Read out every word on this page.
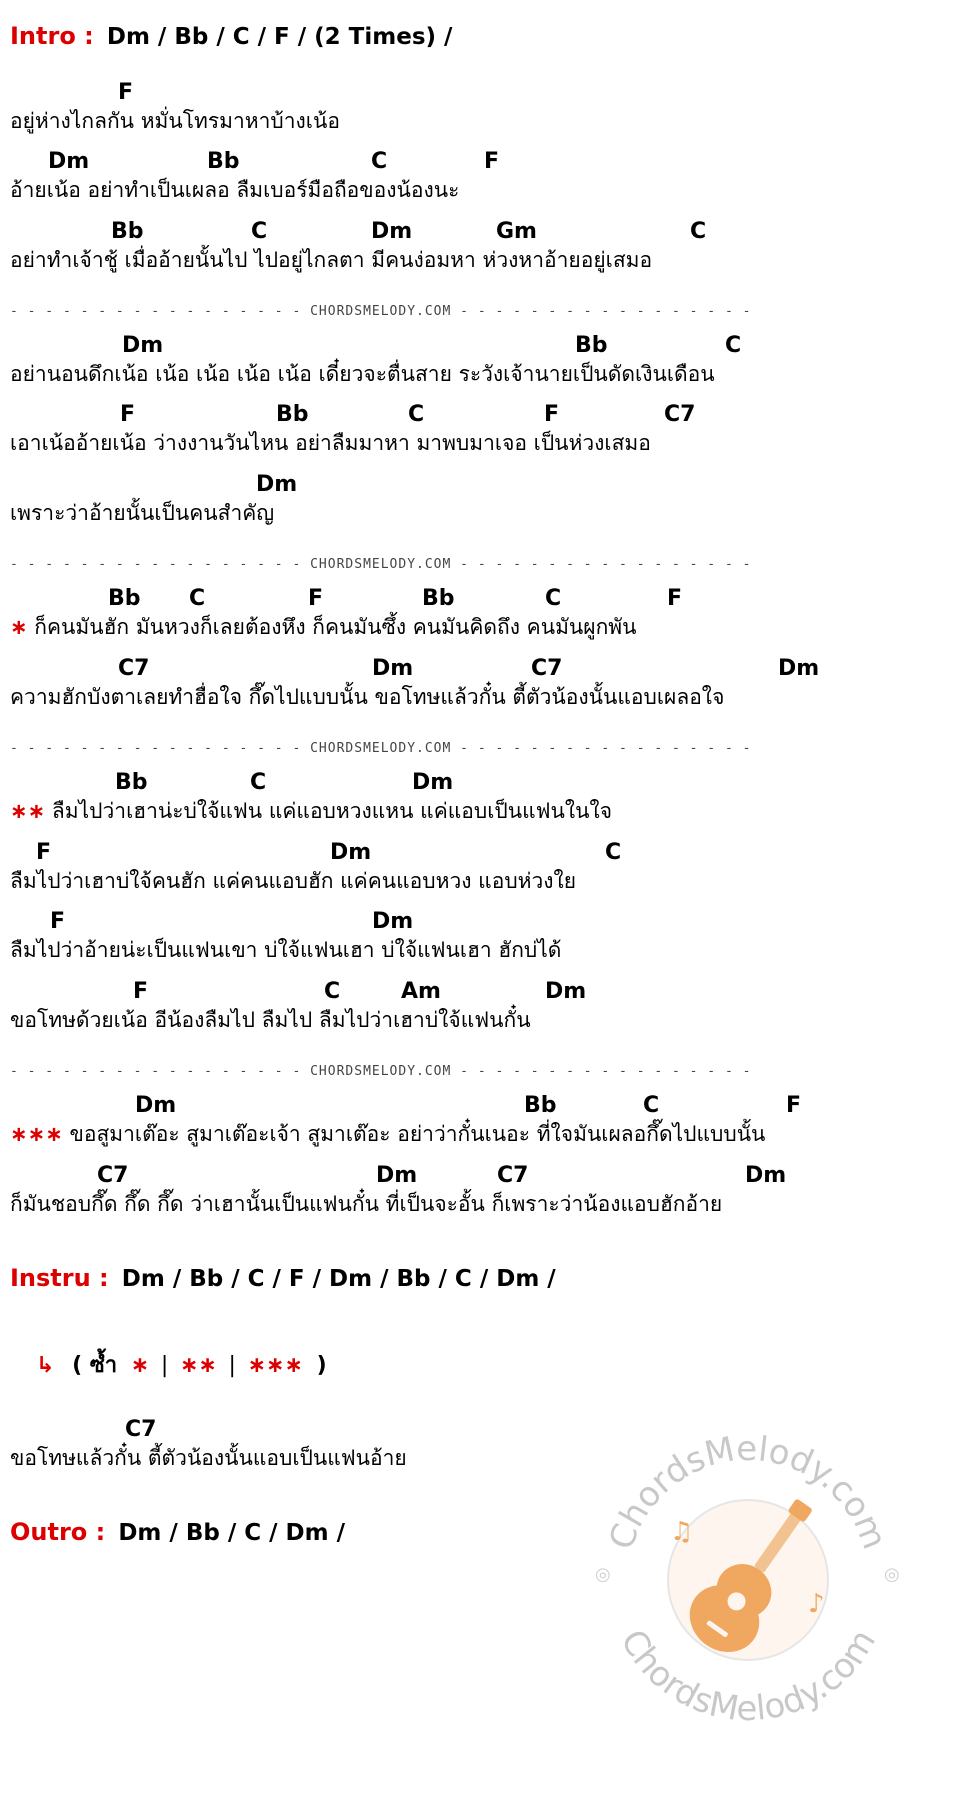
Intro : Dm / Bb / C / F / (2 Times) /
F
อยู่ห่างไกลกัน หมั่นโทรมาหาบ้างเน้อ
Dm	Bb	C	F
อ้ายเน้อ อย่าทำเป็นเผลอ ลืมเบอร์มือถือของน้องนะ
Bb	C	Dm	Gm	C
อย่าทำเจ้าชู้ เมื่ออ้ายนั้นไป ไปอยู่ไกลตา มีคนง่อมหา ห่วงหาอ้ายอยู่เสมอ
- - - - - - - - - - - - - - - - - CHORDSMELODY.COM - - - - - - - - - - - - - - - - -
Dm	Bb	C
อย่านอนดึกเน้อ เน้อ เน้อ เน้อ เน้อ เดี๋ยวจะตื่นสาย ระวังเจ้านายเป็นดัดเงินเดือน
F	Bb	C	F	C7
เอาเน้ออ้ายเน้อ ว่างงานวันไหน อย่าลืมมาหา มาพบมาเจอ เป็นห่วงเสมอ
Dm
เพราะว่าอ้ายนั้นเป็นคนสำคัญ
- - - - - - - - - - - - - - - - - CHORDSMELODY.COM - - - - - - - - - - - - - - - - -
Bb C	F	Bb	C	F
∗ ก็คนมันฮัก มันหวงก็เลยต้องหึง ก็คนมันซึ้ง คนมันคิดถึง คนมันผูกพัน
C7	Dm	C7	Dm
ความฮักบังตาเลยทำฮื่อใจ กึ๊ดไปแบบนั้น ขอโทษแล้วกั๋น ตี้ตัวน้องนั้นแอบเผลอใจ
- - - - - - - - - - - - - - - - - CHORDSMELODY.COM - - - - - - - - - - - - - - - - -
Bb	C	Dm
∗∗ ลืมไปว่าเฮาน่ะบ่ใจ้แฟน แค่แอบหวงแหน แค่แอบเป็นแฟนในใจ
F	Dm	C
ลืมไปว่าเฮาบ่ใจ้คนฮัก แค่คนแอบฮัก แค่คนแอบหวง แอบห่วงใย
F	Dm
ลืมไปว่าอ้ายน่ะเป็นแฟนเขา บ่ใจ้แฟนเฮา บ่ใจ้แฟนเฮา ฮักบ่ได้
F	C	Am	Dm
ขอโทษด้วยเน้อ อีน้องลืมไป ลืมไป ลืมไปว่าเฮาบ่ใจ้แฟนกั๋น
- - - - - - - - - - - - - - - - - CHORDSMELODY.COM - - - - - - - - - - - - - - - - -
Dm	Bb	C	F
∗∗∗ ขอสูมาเต๊อะ สูมาเต๊อะเจ้า สูมาเต๊อะ อย่าว่ากั๋นเนอะ ที่ใจมันเผลอกึ๊ดไปแบบนั้น
C7	Dm	C7	Dm
ก็มันชอบกึ๊ด กึ๊ด กึ๊ด ว่าเฮานั้นเป็นแฟนกั๋น ที่เป็นจะอั้น ก็เพราะว่าน้องแอบฮักอ้าย
Instru : Dm / Bb / C / F / Dm / Bb / C / Dm /
↳ ( ซ้ำ ∗ | ∗∗ | ∗∗∗ )
C7
ขอโทษแล้วกั๋น ตี้ตัวน้องนั้นแอบเป็นแฟนอ้าย
Outro : Dm / Bb / C / Dm /	♫
♪
◎	◎
ChordsMelody.com
ChordsMelody.com
